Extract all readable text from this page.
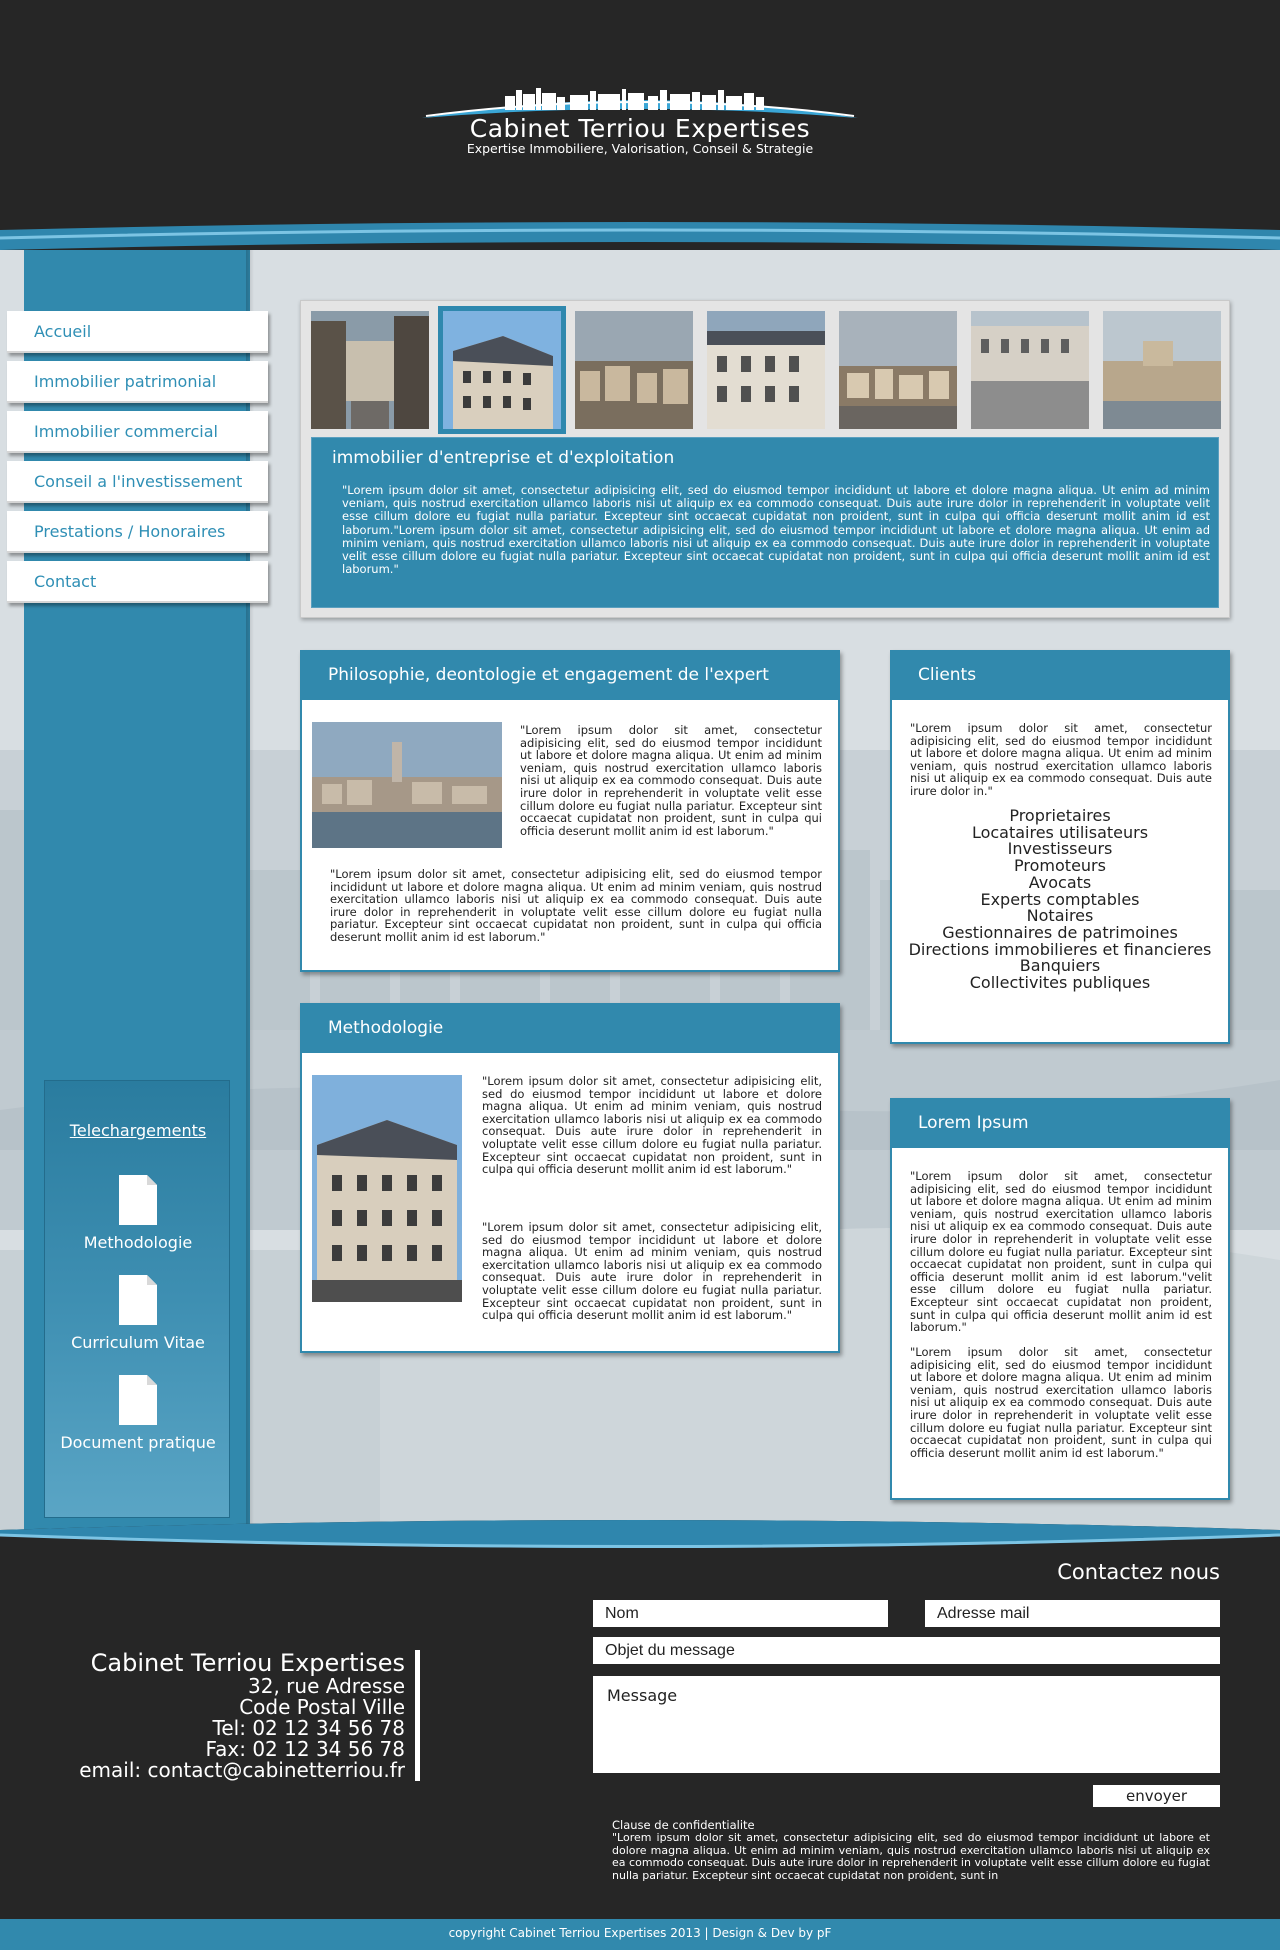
Cabinet Terriou Expertises
Expertise Immobiliere, Valorisation, Conseil & Strategie
Accueil
Immobilier patrimonial
Immobilier commercial
Conseil a l'investissement
Prestations / Honoraires
Contact
Telechargements
Methodologie
Curriculum Vitae
Document pratique
immobilier d'entreprise et d'exploitation
"Lorem ipsum dolor sit amet, consectetur adipisicing elit, sed do eiusmod tempor incididunt ut labore et dolore magna aliqua. Ut enim ad minim veniam, quis nostrud exercitation ullamco laboris nisi ut aliquip ex ea commodo consequat. Duis aute irure dolor in reprehenderit in voluptate velit esse cillum dolore eu fugiat nulla pariatur. Excepteur sint occaecat cupidatat non proident, sunt in culpa qui officia deserunt mollit anim id est laborum."Lorem ipsum dolor sit amet, consectetur adipisicing elit, sed do eiusmod tempor incididunt ut labore et dolore magna aliqua. Ut enim ad minim veniam, quis nostrud exercitation ullamco laboris nisi ut aliquip ex ea commodo consequat. Duis aute irure dolor in reprehenderit in voluptate velit esse cillum dolore eu fugiat nulla pariatur. Excepteur sint occaecat cupidatat non proident, sunt in culpa qui officia deserunt mollit anim id est laborum."
Philosophie, deontologie et engagement de l'expert
"Lorem ipsum dolor sit amet, consectetur adipisicing elit, sed do eiusmod tempor incididunt ut labore et dolore magna aliqua. Ut enim ad minim veniam, quis nostrud exercitation ullamco laboris nisi ut aliquip ex ea commodo consequat. Duis aute irure dolor in reprehenderit in voluptate velit esse cillum dolore eu fugiat nulla pariatur. Excepteur sint occaecat cupidatat non proident, sunt in culpa qui officia deserunt mollit anim id est laborum."
"Lorem ipsum dolor sit amet, consectetur adipisicing elit, sed do eiusmod tempor incididunt ut labore et dolore magna aliqua. Ut enim ad minim veniam, quis nostrud exercitation ullamco laboris nisi ut aliquip ex ea commodo consequat. Duis aute irure dolor in reprehenderit in voluptate velit esse cillum dolore eu fugiat nulla pariatur. Excepteur sint occaecat cupidatat non proident, sunt in culpa qui officia deserunt mollit anim id est laborum."
Methodologie
"Lorem ipsum dolor sit amet, consectetur adipisicing elit, sed do eiusmod tempor incididunt ut labore et dolore magna aliqua. Ut enim ad minim veniam, quis nostrud exercitation ullamco laboris nisi ut aliquip ex ea commodo consequat. Duis aute irure dolor in reprehenderit in voluptate velit esse cillum dolore eu fugiat nulla pariatur. Excepteur sint occaecat cupidatat non proident, sunt in culpa qui officia deserunt mollit anim id est laborum."
"Lorem ipsum dolor sit amet, consectetur adipisicing elit, sed do eiusmod tempor incididunt ut labore et dolore magna aliqua. Ut enim ad minim veniam, quis nostrud exercitation ullamco laboris nisi ut aliquip ex ea commodo consequat. Duis aute irure dolor in reprehenderit in voluptate velit esse cillum dolore eu fugiat nulla pariatur. Excepteur sint occaecat cupidatat non proident, sunt in culpa qui officia deserunt mollit anim id est laborum."
Clients
"Lorem ipsum dolor sit amet, consectetur adipisicing elit, sed do eiusmod tempor incididunt ut labore et dolore magna aliqua. Ut enim ad minim veniam, quis nostrud exercitation ullamco laboris nisi ut aliquip ex ea commodo consequat. Duis aute irure dolor in."
Proprietaires
Locataires utilisateurs
Investisseurs
Promoteurs
Avocats
Experts comptables
Notaires
Gestionnaires de patrimoines
Directions immobilieres et financieres
Banquiers
Collectivites publiques
Lorem Ipsum
"Lorem ipsum dolor sit amet, consectetur adipisicing elit, sed do eiusmod tempor incididunt ut labore et dolore magna aliqua. Ut enim ad minim veniam, quis nostrud exercitation ullamco laboris nisi ut aliquip ex ea commodo consequat. Duis aute irure dolor in reprehenderit in voluptate velit esse cillum dolore eu fugiat nulla pariatur. Excepteur sint occaecat cupidatat non proident, sunt in culpa qui officia deserunt mollit anim id est laborum."velit esse cillum dolore eu fugiat nulla pariatur. Excepteur sint occaecat cupidatat non proident, sunt in culpa qui officia deserunt mollit anim id est laborum."
"Lorem ipsum dolor sit amet, consectetur adipisicing elit, sed do eiusmod tempor incididunt ut labore et dolore magna aliqua. Ut enim ad minim veniam, quis nostrud exercitation ullamco laboris nisi ut aliquip ex ea commodo consequat. Duis aute irure dolor in reprehenderit in voluptate velit esse cillum dolore eu fugiat nulla pariatur. Excepteur sint occaecat cupidatat non proident, sunt in culpa qui officia deserunt mollit anim id est laborum."
Contactez nous
Nom
Adresse mail
Objet du message
Message
envoyer
Clause de confidentialite
"Lorem ipsum dolor sit amet, consectetur adipisicing elit, sed do eiusmod tempor incididunt ut labore et dolore magna aliqua. Ut enim ad minim veniam, quis nostrud exercitation ullamco laboris nisi ut aliquip ex ea commodo consequat. Duis aute irure dolor in reprehenderit in voluptate velit esse cillum dolore eu fugiat nulla pariatur. Excepteur sint occaecat cupidatat non proident, sunt in
Cabinet Terriou Expertises
32, rue Adresse
Code Postal Ville
Tel: 02 12 34 56 78
Fax: 02 12 34 56 78
email: contact@cabinetterriou.fr
copyright Cabinet Terriou Expertises 2013 | Design & Dev by pF
